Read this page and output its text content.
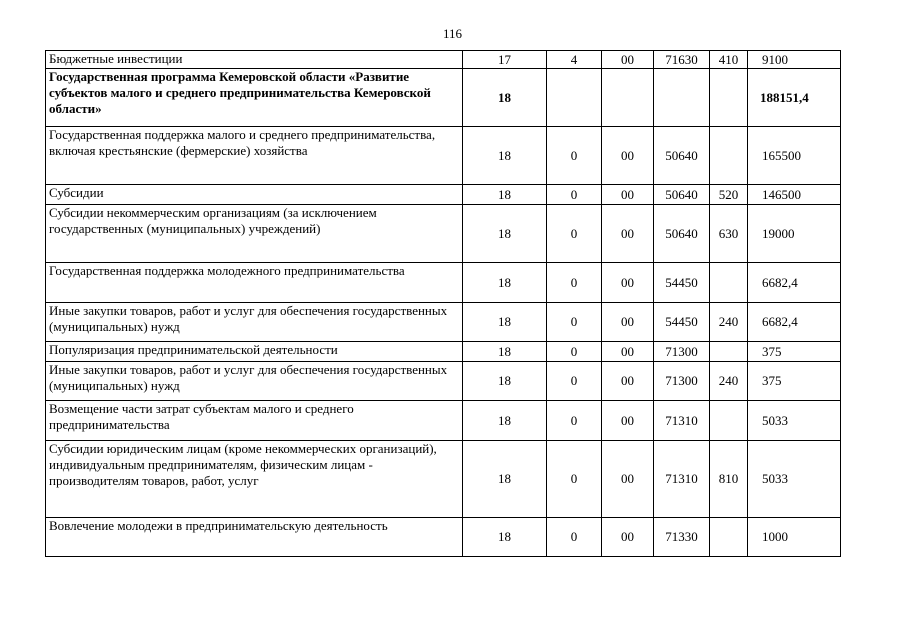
116
Бюджетные инвестиции	17	4	00	71630	410	9100
Государственная программа Кемеровской области «Развитие субъектов малого и среднего предпринимательства Кемеровской области»	18					188151,4
Государственная поддержка малого и среднего предпринимательства, включая крестьянские (фермерские) хозяйства	18	0	00	50640		165500
Субсидии	18	0	00	50640	520	146500
Субсидии некоммерческим организациям (за исключением государственных (муниципальных) учреждений)	18	0	00	50640	630	19000
Государственная поддержка молодежного предпринимательства	18	0	00	54450		6682,4
Иные закупки товаров, работ и услуг для обеспечения государственных (муниципальных) нужд	18	0	00	54450	240	6682,4
Популяризация предпринимательской деятельности	18	0	00	71300		375
Иные закупки товаров, работ и услуг для обеспечения государственных (муниципальных) нужд	18	0	00	71300	240	375
Возмещение части затрат субъектам малого и среднего предпринимательства	18	0	00	71310		5033
Субсидии юридическим лицам (кроме некоммерческих организаций), индивидуальным предпринимателям, физическим лицам - производителям товаров, работ, услуг	18	0	00	71310	810	5033
Вовлечение молодежи в предпринимательскую деятельность	18	0	00	71330		1000
